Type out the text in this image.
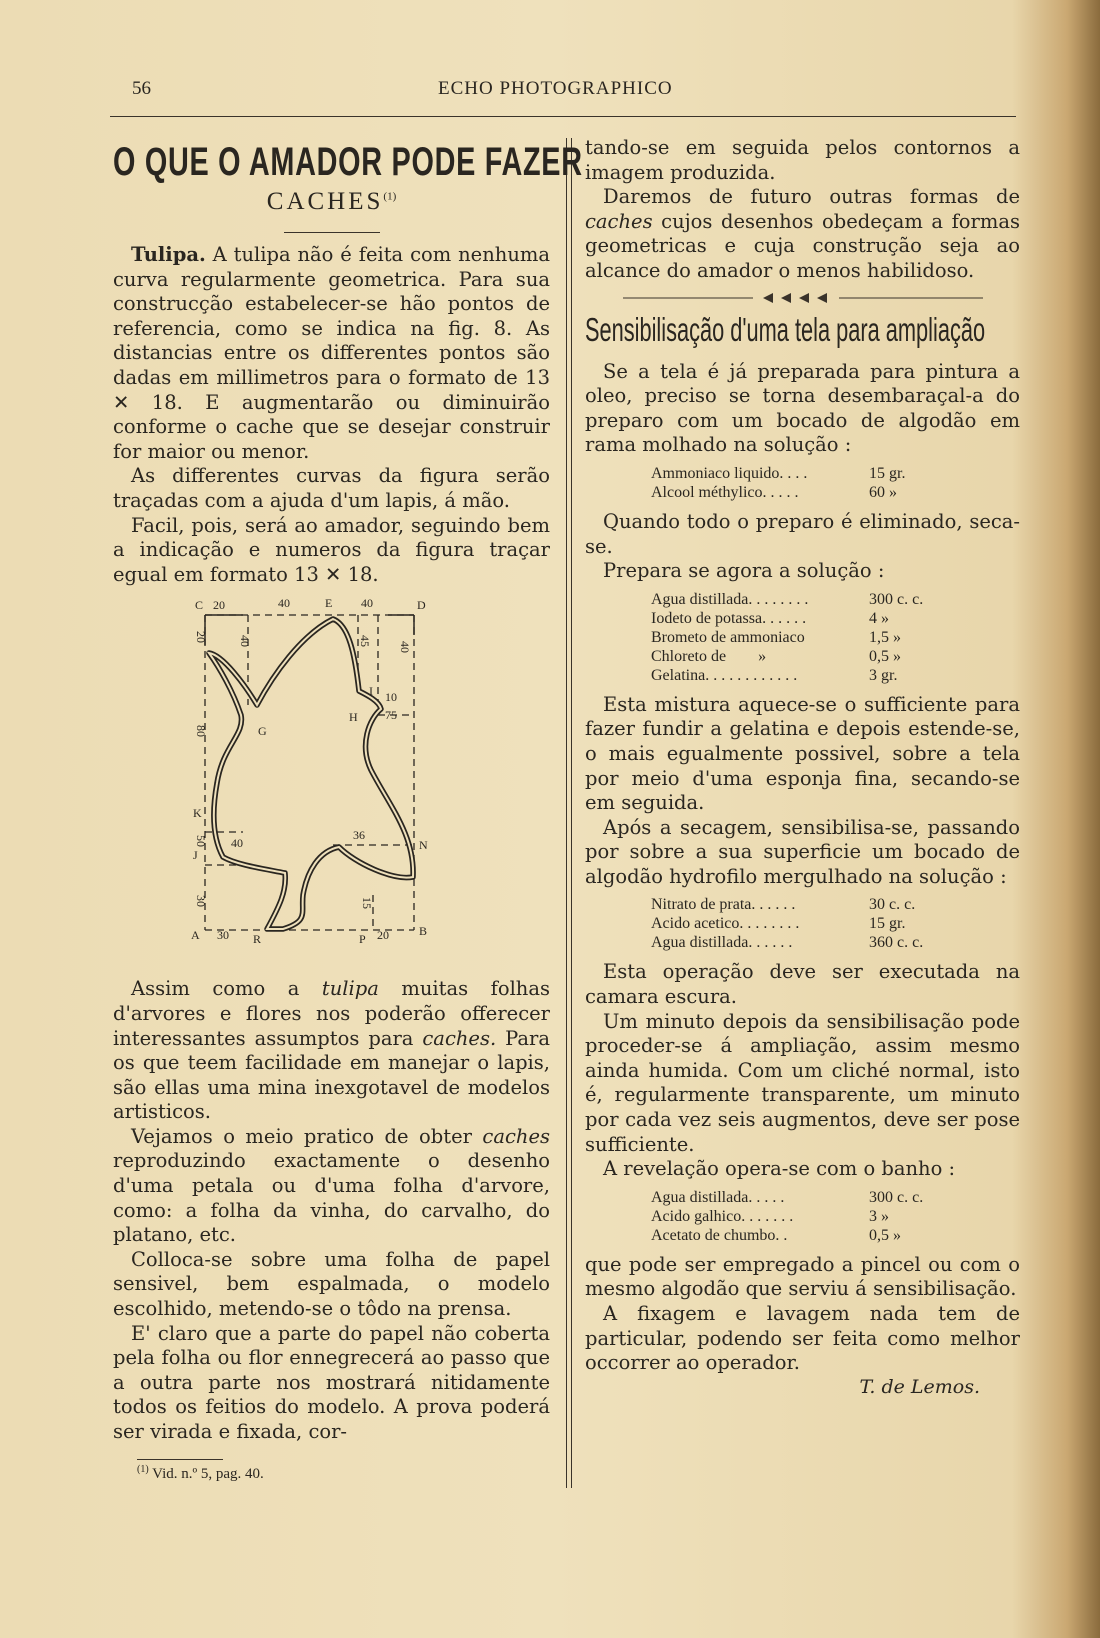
56	ECHO PHOTOGRAPHICO
O QUE O AMADOR PODE FAZER
CACHES$^{(1)}$

Tulipa. A tulipa não é feita com nenhuma curva regularmente geometrica. Para sua construcção estabelecer-se hão pontos de referencia, como se indica na fig. 8. As distancias entre os differentes pontos são dadas em millimetros para o formato de 13 ✕ 18. E augmentarão ou diminuirão conforme o cache que se desejar construir for maior ou menor.

As differentes curvas da figura serão traçadas com a ajuda d'um lapis, á mão.

Facil, pois, será ao amador, seguindo bem a indicação e numeros da figura traçar egual em formato 13 ✕ 18.

C 20	40	E 40	D
G
H
I 10
75
K
J
40
36
N
A 30 R	P 20	B
20
80
50
30
40	45 40
15

Assim como a tulipa muitas folhas d'arvores e flores nos poderão offerecer interessantes assumptos para caches. Para os que teem facilidade em manejar o lapis, são ellas uma mina inexgotavel de modelos artisticos.

Vejamos o meio pratico de obter caches reproduzindo exactamente o desenho d'uma petala ou d'uma folha d'arvore, como: a folha da vinha, do carvalho, do platano, etc.

Colloca-se sobre uma folha de papel sensivel, bem espalmada, o modelo escolhido, metendo-se o tôdo na prensa.

E' claro que a parte do papel não coberta pela folha ou flor ennegrecerá ao passo que a outra parte nos mostrará nitidamente todos os feitios do modelo. A prova poderá ser virada e fixada, cor-

$^{(1)}$ Vid. n.º 5, pag. 40.

tando-se em seguida pelos contornos a imagem produzida.

Daremos de futuro outras formas de caches cujos desenhos obedeçam a formas geometricas e cuja construção seja ao alcance do amador o menos habilidoso.

Sensibilisação d'uma tela para ampliação

Se a tela é já preparada para pintura a oleo, preciso se torna desembaraçal-a do preparo com um bocado de algodão em rama molhado na solução :

Ammoniaco liquido. . . .	15 gr.
Alcool méthylico. . . . .	60 »

Quando todo o preparo é eliminado, seca-se.

Prepara se agora a solução :

Agua distillada. . . . . . . .	300 c. c.
Iodeto de potassa. . . . . .	4 »
Brometo de ammoniaco	1,5 »
Chloreto de        »	0,5 »
Gelatina. . . . . . . . . . . .	3 gr.

Esta mistura aquece-se o sufficiente para fazer fundir a gelatina e depois estende-se, o mais egualmente possivel, sobre a tela por meio d'uma esponja fina, secando-se em seguida.

Após a secagem, sensibilisa-se, passando por sobre a sua superficie um bocado de algodão hydrofilo mergulhado na solução :

Nitrato de prata. . . . . .	30 c. c.
Acido acetico. . . . . . . .	15 gr.
Agua distillada. . . . . .	360 c. c.

Esta operação deve ser executada na camara escura.

Um minuto depois da sensibilisação pode proceder-se á ampliação, assim mesmo ainda humida. Com um cliché normal, isto é, regularmente transparente, um minuto por cada vez seis augmentos, deve ser pose sufficiente.

A revelação opera-se com o banho :

Agua distillada. . . . .	300 c. c.
Acido galhico. . . . . . .	3 »
Acetato de chumbo. .	0,5 »

que pode ser empregado a pincel ou com o mesmo algodão que serviu á sensibilisação.

A fixagem e lavagem nada tem de particular, podendo ser feita como melhor occorrer ao operador.

T. de Lemos.
